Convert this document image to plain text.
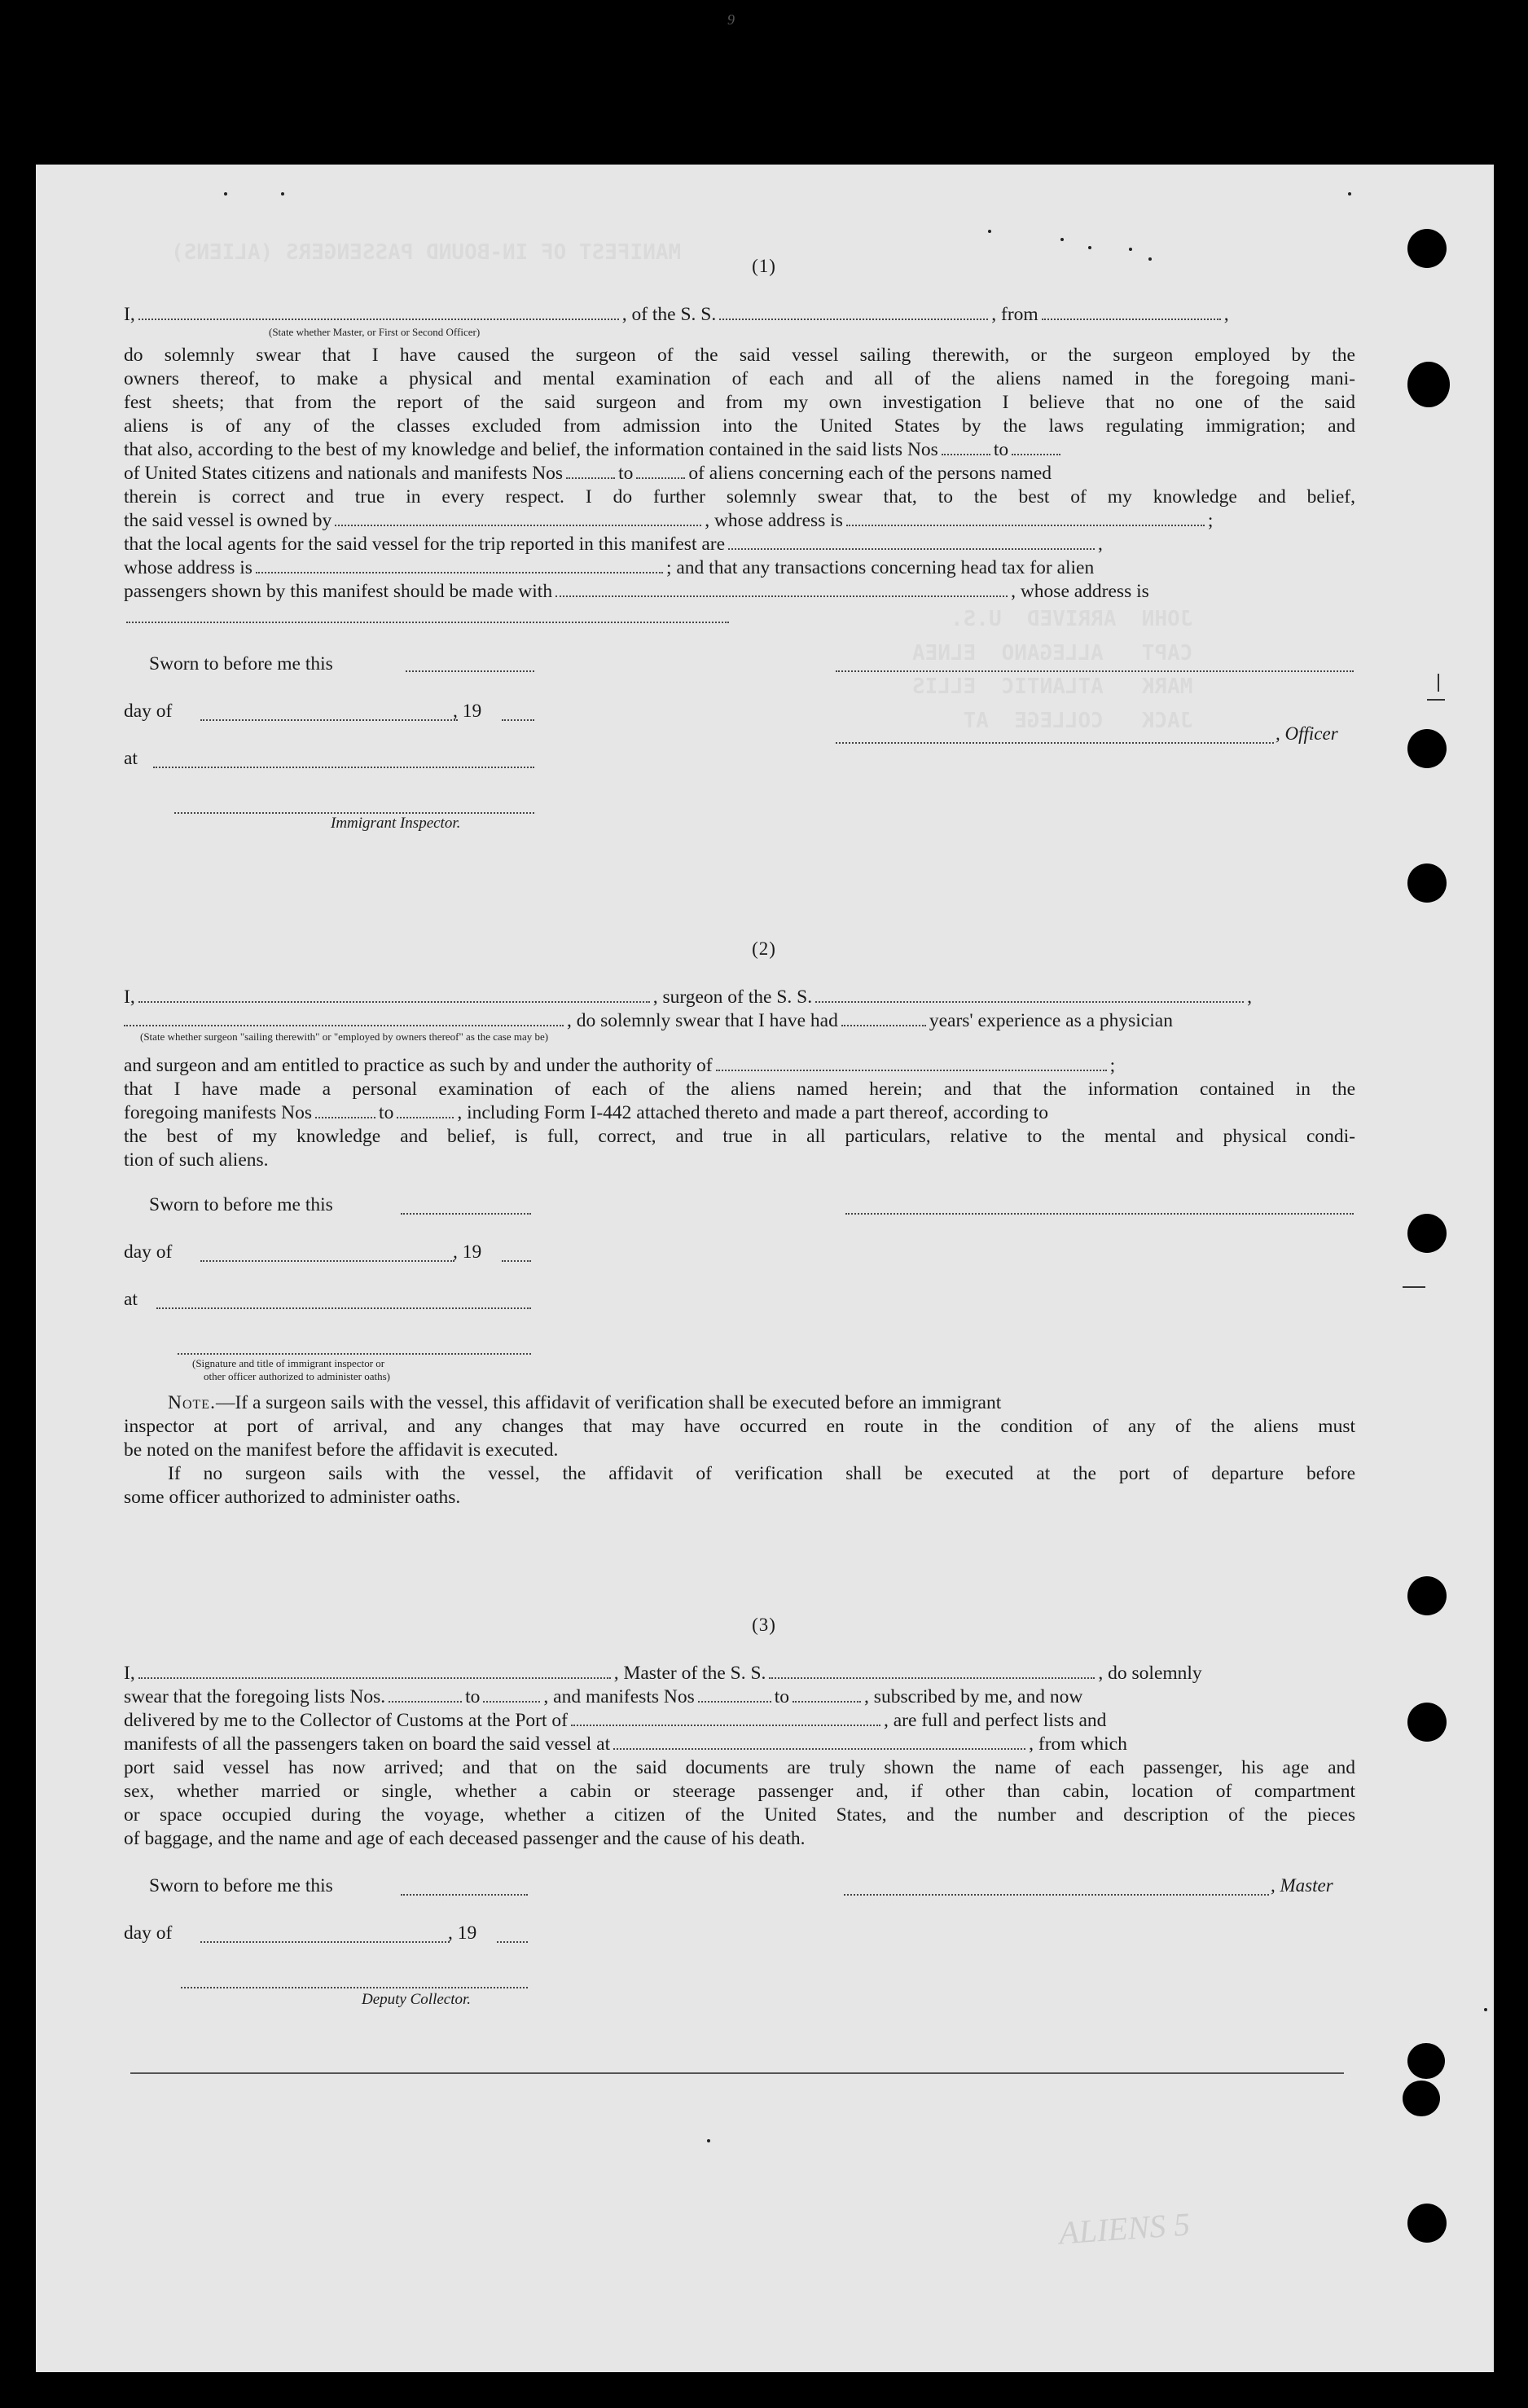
9
MANIFEST OF IN-BOUND PASSENGERS (ALIENS)
JOHN  ARRIVED  U.S.
CAPT   ALLEGANO  ELNEA
MARK   ATLANTIC  ELLIS
JACK   COLLEGE  AT
(1)
I,	, of the S. S.	, from	,
(State whether Master, or First or Second Officer)
do solemnly swear that I have caused the surgeon of the said vessel sailing therewith, or the surgeon employed by the
owners thereof, to make a physical and mental examination of each and all of the aliens named in the foregoing mani-
fest sheets; that from the report of the said surgeon and from my own investigation I believe that no one of the said
aliens is of any of the classes excluded from admission into the United States by the laws regulating immigration; and
that also, according to the best of my knowledge and belief, the information contained in the said lists Nos	to
of United States citizens and nationals and manifests Nos	to	of aliens concerning each of the persons named
therein is correct and true in every respect. I do further solemnly swear that, to the best of my knowledge and belief,
the said vessel is owned by	, whose address is	;
that the local agents for the said vessel for the trip reported in this manifest are	,
whose address is	; and that any transactions concerning head tax for alien
passengers shown by this manifest should be made with	, whose address is
Sworn to before me this
day of	, 19
, Officer
at
Immigrant Inspector.
(2)
I,	, surgeon of the S. S.	,
, do solemnly swear that I have had	years' experience as a physician
(State whether surgeon "sailing therewith" or "employed by owners thereof" as the case may be)
and surgeon and am entitled to practice as such by and under the authority of	;
that I have made a personal examination of each of the aliens named herein; and that the information contained in the
foregoing manifests Nos	to	, including Form I-442 attached thereto and made a part thereof, according to
the best of my knowledge and belief, is full, correct, and true in all particulars, relative to the mental and physical condi-
tion of such aliens.
Sworn to before me this
day of	, 19
at
(Signature and title of immigrant inspector or
other officer authorized to administer oaths)
Note.—If a surgeon sails with the vessel, this affidavit of verification shall be executed before an immigrant
inspector at port of arrival, and any changes that may have occurred en route in the condition of any of the aliens must
be noted on the manifest before the affidavit is executed.
If no surgeon sails with the vessel, the affidavit of verification shall be executed at the port of departure before
some officer authorized to administer oaths.
(3)
I,	, Master of the S. S.	, do solemnly
swear that the foregoing lists Nos.	to	, and manifests Nos	to	, subscribed by me, and now
delivered by me to the Collector of Customs at the Port of	, are full and perfect lists and
manifests of all the passengers taken on board the said vessel at	, from which
port said vessel has now arrived; and that on the said documents are truly shown the name of each passenger, his age and
sex, whether married or single, whether a cabin or steerage passenger and, if other than cabin, location of compartment
or space occupied during the voyage, whether a citizen of the United States, and the number and description of the pieces
of baggage, and the name and age of each deceased passenger and the cause of his death.
Sworn to before me this	, Master
day of	, 19
Deputy Collector.
ALIENS 5
